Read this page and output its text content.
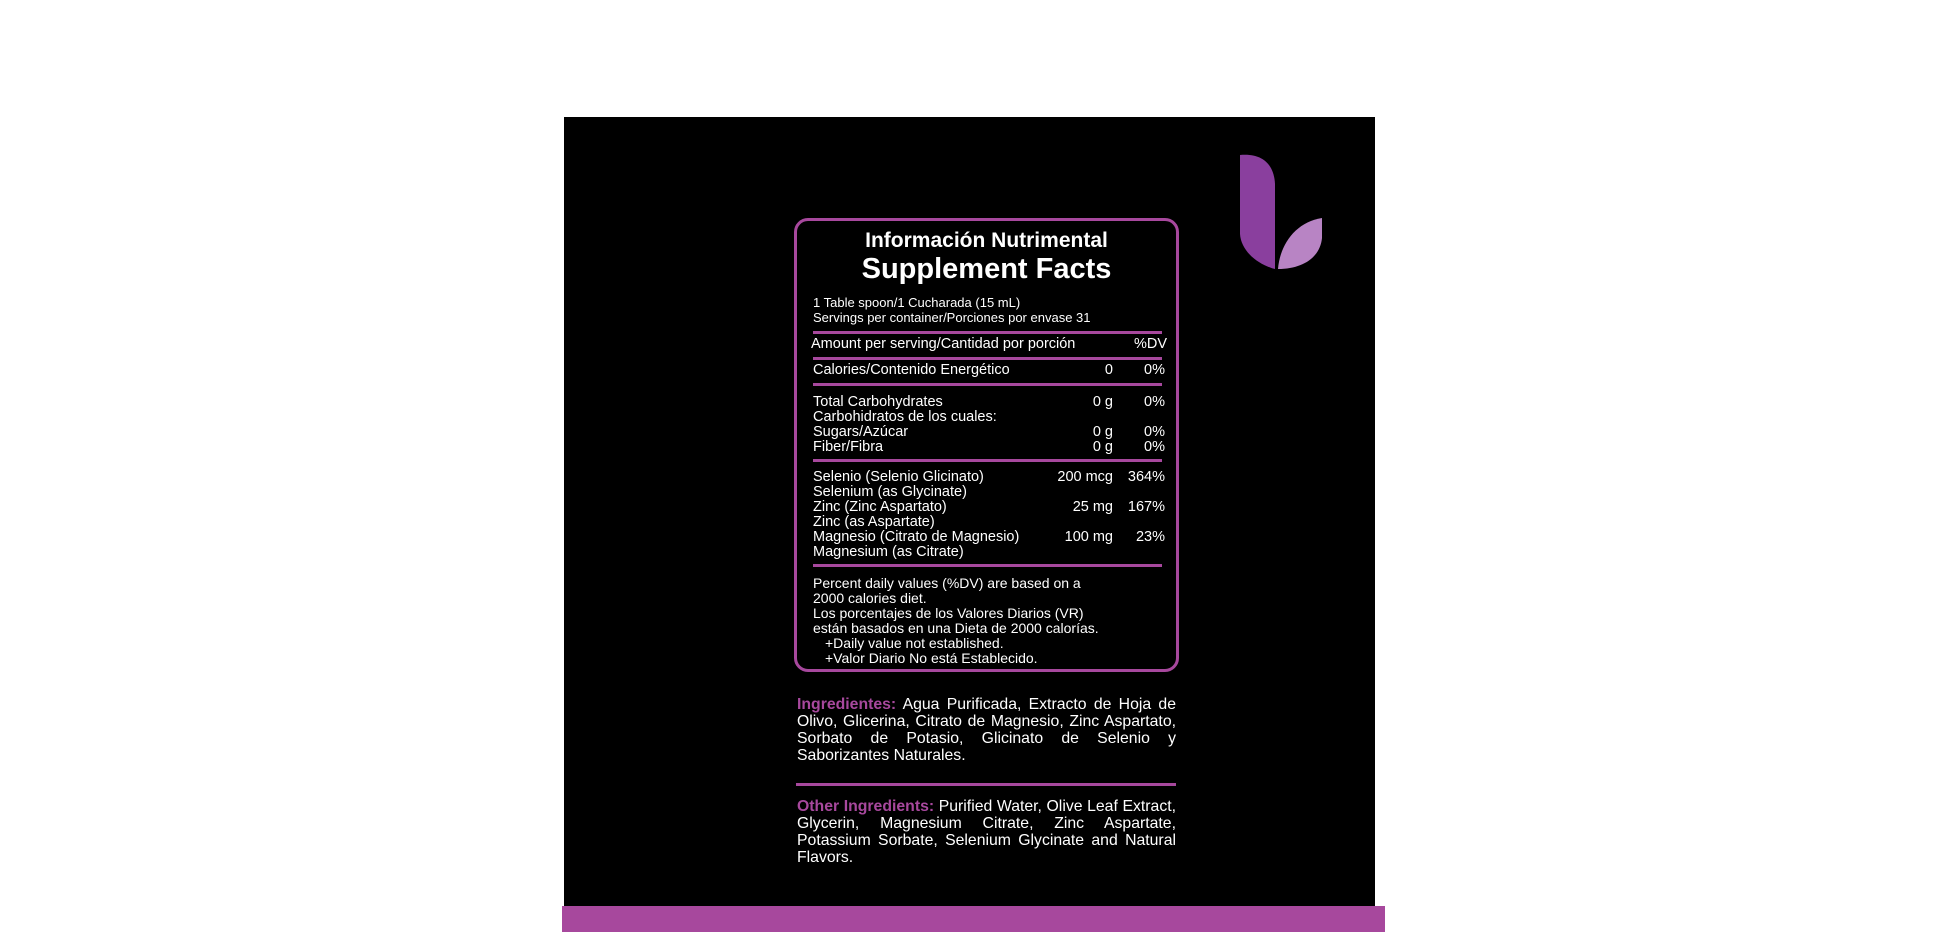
Información Nutrimental
Supplement Facts
1 Table spoon/1 Cucharada (15 mL)
Servings per container/Porciones por envase 31
Amount per serving/Cantidad por porción	%DV
Calories/Contenido Energético	0 0%
Total Carbohydrates	0 g 0%
Carbohidratos de los cuales:
Sugars/Azúcar	0 g 0%
Fiber/Fibra	0 g 0%
Selenio (Selenio Glicinato)	200 mcg 364%
Selenium (as Glycinate)
Zinc (Zinc Aspartato)	25 mg 167%
Zinc (as Aspartate)
Magnesio (Citrato de Magnesio)	100 mg 23%
Magnesium (as Citrate)
Percent daily values (%DV) are based on a
2000 calories diet.
Los porcentajes de los Valores Diarios (VR)
están basados en una Dieta de 2000 calorías.
+Daily value not established.
+Valor Diario No está Establecido.
Ingredientes: Agua Purificada, Extracto de Hoja de Olivo, Glicerina, Citrato de Magnesio, Zinc Aspartato, Sorbato de Potasio, Glicinato de Selenio y Saborizantes Naturales.
Other Ingredients: Purified Water, Olive Leaf Extract, Glycerin, Magnesium Citrate, Zinc Aspartate, Potassium Sorbate, Selenium Glycinate and Natural Flavors.
